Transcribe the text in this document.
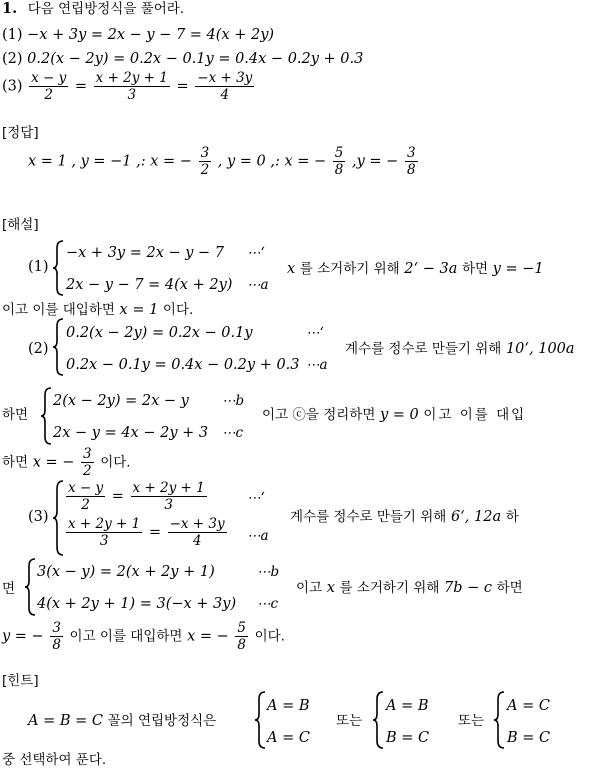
1. 다음 연립방정식을 풀어라.
(1) −x + 3y = 2x − y − 7 = 4(x + 2y)
(2) 0.2(x − 2y) = 0.2x − 0.1y = 0.4x − 0.2y + 0.3
$(3) \frac{x - y}{2} = \frac{x + 2y + 1}{3} = \frac{-x + 3y}{4}$
[정답]
x = 1 , y = −1 ,: x = − $\frac{3}{2}$ , y = 0 ,: x = − $\frac{5}{8} ,y$ = − $\frac{3}{8}$
[해설]
(1)
−x + 3y = 2x − y − 7 ⋯‘
2x − y − 7 = 4(x + 2y) ⋯a
x 를 소거하기 위해 2‘ − 3a 하면 y = −1
이고 이를 대입하면 x = 1 이다.
(2)
0.2(x − 2y) = 0.2x − 0.1y	⋯‘
0.2x − 0.1y = 0.4x − 0.2y + 0.3 ⋯a
계수를 정수로 만들기 위해 10‘, 100a
하면
2(x − 2y) = 2x − y ⋯b
2x − y = 4x − 2y + 3 ⋯c
이고 ⓒ을 정리하면 y = 0 이고 이를 대입
하면 x = − $\frac{3}{2}$ 이다.
(3)
$\frac{x - y}{2} = \frac{x + 2y + 1}{3}$	⋯‘
$\frac{x + 2y + 1}{3} = \frac{-x + 3y}{4}$ ⋯a
계수를 정수로 만들기 위해 6‘, 12a 하
면
3(x − y) = 2(x + 2y + 1)	⋯b
4(x + 2y + 1) = 3(−x + 3y) ⋯c
이고 x 를 소거하기 위해 7b − c 하면
y = − $\frac{3}{8}$ 이고 이를 대입하면 x = − $\frac{5}{8}$ 이다.
[힌트]
A = B = C 꼴의 연립방정식은
A = B
A = C
또는
A = B
B = C
또는
A = C
B = C
중 선택하여 푼다.
